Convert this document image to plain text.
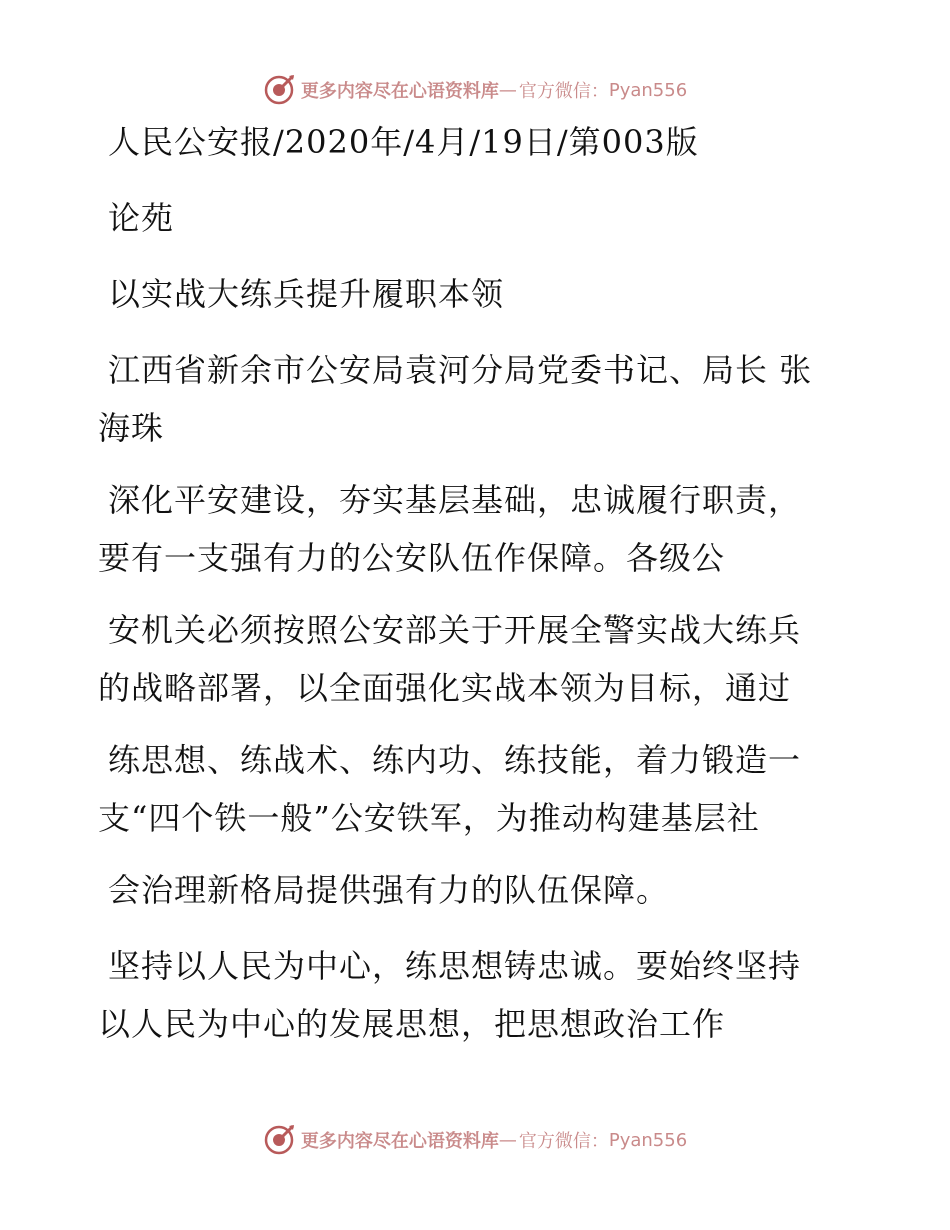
更多内容尽在心语资料库 — 官方微信： Pyan556
人民公安报/2020年/4月/19日/第003版
论苑
以实战大练兵提升履职本领
江西省新余市公安局袁河分局党委书记、局长 张
海珠
深化平安建设，夯实基层基础，忠诚履行职责，
要有一支强有力的公安队伍作保障。各级公
安机关必须按照公安部关于开展全警实战大练兵
的战略部署，以全面强化实战本领为目标，通过
练思想、练战术、练内功、练技能，着力锻造一
支“四个铁一般”公安铁军，为推动构建基层社
会治理新格局提供强有力的队伍保障。
坚持以人民为中心，练思想铸忠诚。要始终坚持
以人民为中心的发展思想，把思想政治工作
更多内容尽在心语资料库 — 官方微信： Pyan556
